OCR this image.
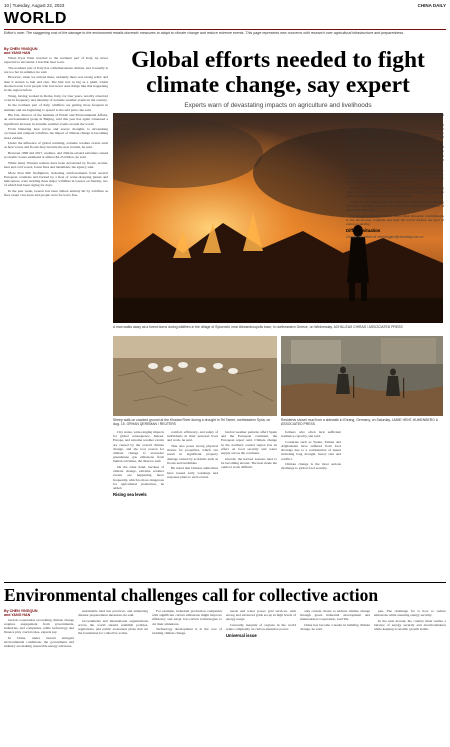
10 | Tuesday, August 22, 2023	CHINA DAILY
WORLD
Editor's note: The staggering cost of the damage to the environment entails domestic measures to adapt to climate change and reduce extreme events. This page represents new concerns with research over agricultural infrastructure and preparedness.
By CHEN YINGQUN
and YANG HAN

When Ilyas Wani traveled to the northern part of Italy, he never expected to encounter a horrible heat wave.

The northern part of Italy has a Mediterranean climate, and it usually is not too hot in summer, he said.

However, when we arrived there, suddenly there was strong wind, and then it started to hail and rain. The hail was as big as a plum, which shocked even local people who had never seen things like that happening in the region before.

Wang, having worked in Rome, Italy, for four years, notably observed a rise in frequency and intensity of extreme weather events in the country.

In the northern part of Italy, wildfires are getting more frequent in summer and are beginning to spread to the arid parts, she said.

His fate, director of the Institute of Public and Environmental Affairs, an environmental group in Beijing, said this year has again witnessed a significant increase in extreme weather events around the world.

From blistering heat waves and severe droughts to devastating cyclones and rampant wildfires, the impact of climate change is becoming more evident.

Under the influence of global warming, extreme weather events such as heat waves and floods may become the new normal, he said.

Between 1998 and 2017, weather- and climate-related extremes caused economic losses estimated at almost $2.25 trillion, he said.

While many Western nations have been devastated by floods, storms, heat and cold waves, forest fires and landslides, the agency said.

More than 600 firefighters, including reinforcements from several European countries and backed by a fleet of water-dropping planes and helicopters, were tackling three major wildfires in Greece on Sunday, two of which had been raging for days.

In the past week, Greece has been almost entirely hit by wildfires as fires swept vast areas and people were forced to flee.

Global efforts needed to fight climate change, say expert
Experts warn of devastating impacts on agriculture and livelihoods
A man walks away as a forest burns during wildfires in the village of Sykorrahi, near Alexandroupolis town, in northeastern Greece, on Wednesday. ACHILLEAS CHIRAS / ASSOCIATED PRESS
Sheep walk on cracked ground at the Khadan River during a drought in Tel Tamer, northeastern Syria, on Aug. 15. ORHAN QEREMAN / REUTERS
Residents shovel mud from a sidewalk in Ehrang, Germany, on Saturday. JAMIE HENT-HUMENBERG & ASSOCIATED PRESS

City states, wide-ranging impacts for global consequence. Indeed, Europe, and extreme weather events are caused by the overall climate change, and the root reason for climate change is excessive greenhouse gas emissions from human activities, the director said.

On the other hand, because of climate change, extreme weather events are happening more frequently, which is more dangerous for agricultural production, he added.

Rising sea levels

comfort, efficiency, and safety of individuals in their personal lives and work, he said.

This also poses strong physical threats for properties, which can result in significant property damage caused by accidents such as floods and landslides.

He noted that Chinese authorities have issued early warnings and response plans to such events.

Global weather patterns affect Spain and the European continent, the European report said. Climate change in the northern coastal region has an effect on food security and water supply across the continent.

Overall, the harvest seasons tend to be becoming shorter. The heat made the outdoor work difficult.

farmers who often lack sufficient resilience capacity, she said.

Countries such as Sudan, Yemen and Afghanistan have suffered from food shortage due to a combination of issues including long drought, heavy rain and conflict.

Climate change is the most serious challenge to global food security.

for military actions, posing a threat to national stability and security, he said.

Ma summarized that the global decarbonization processes would also intensify geopolitical tensions. According to her research, 11 countries, including India and Pakistan, would be financially vulnerable to climate change, leading to increasing risks of unrest and migration, and demand for foreign aid in the future.

Ma, who is founder of the Public and Environmental Affairs said the threat posed by climate change is indeed urgent, and it is a pressing topic that more than 190 parties have joined the Paris Agreement with a goal to combat climate change by limiting global warming to well below 2 degrees Celsius above preindustrial levels.

But meanwhile, the world is facing the impacts of the pandemic, volatility in the energy market, and increasing geopolitical tensions, leading major economies to pay more attention to energy security, food security and supply chain security.

In the past 200 years, carbon emissions have been increasing rather than decreasing. Therefore, there is currently no reliable pathway to guarantee the targets would be met.

There are also disputes among developed countries and developing countries regarding whether rich countries should shoulder more of the burden, Ma said.

Developed economies should honor their financial commitments to the developing countries and help the world achieve the goal of carbon neutrality.

Difficult situation
Contact the writers at chenyingqun@chinadaily.com.cn
Environmental challenges call for collective action
By CHEN YINGQUN
and YANG HAN

Global cooperation on tackling climate change requires engagement from governments, industries, and companies, while technology and finance play crucial roles, experts say.

In China, under current stringent environmental conditions, the government and industry are making renewable energy advances.

sustainable land use practices, and enhancing disaster preparedness measures, he said.

Governments and international organizations across the world should establish policies, regulations, and public awareness plans that set the foundation for collective action.

For example, industrial production companies with significant carbon emissions might improve efficiency and adopt low-carbon technologies to cut their emissions.

Technology development is at the core of tackling climate change.

needs and water power grid services, with strong and advanced grids set up in high levels of energy usage.

Currently, inequity of regions in the world relies completely on carbon-intensive power.

Universal issue

only current choice to address climate change through green industrial development and international cooperation, said Yin.

China has become a leader in building climate change, he said.

pen. The challenge for is how to reduce emissions while ensuring energy security.

In the next decade, the country must realize a balance of energy security and decarbonization while keeping economic growth stable.
